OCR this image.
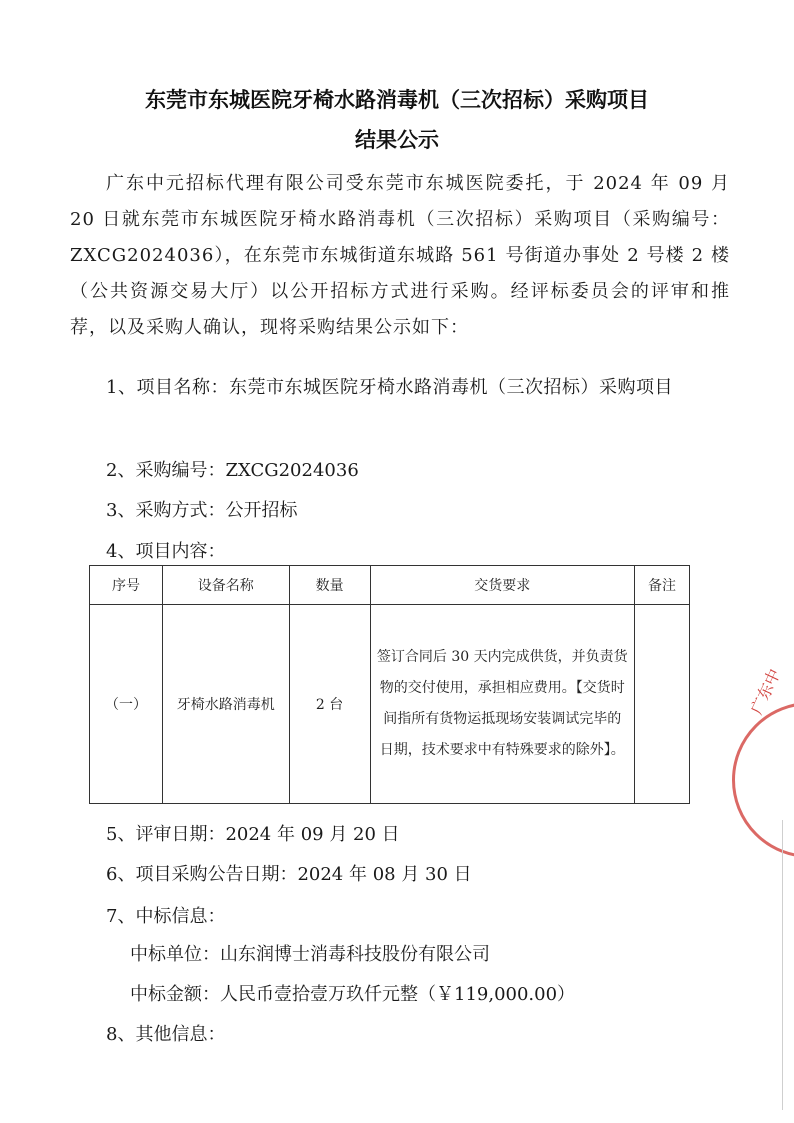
东莞市东城医院牙椅水路消毒机（三次招标）采购项目
结果公示

广东中元招标代理有限公司受东莞市东城医院委托，于 2024 年 09 月 20 日就东莞市东城医院牙椅水路消毒机（三次招标）采购项目（采购编号：ZXCG2024036），在东莞市东城街道东城路 561 号街道办事处 2 号楼 2 楼（公共资源交易大厅）以公开招标方式进行采购。经评标委员会的评审和推荐，以及采购人确认，现将采购结果公示如下：

1、项目名称：东莞市东城医院牙椅水路消毒机（三次招标）采购项目
2、采购编号：ZXCG2024036
3、采购方式：公开招标
4、项目内容：
序号	设备名称	数量	交货要求	备注
（一）	牙椅水路消毒机	2 台	签订合同后 30 天内完成供货，并负责货物的交付使用，承担相应费用。【交货时间指所有货物运抵现场安装调试完毕的日期，技术要求中有特殊要求的除外】。	
5、评审日期：2024 年 09 月 20 日
6、项目采购公告日期：2024 年 08 月 30 日
7、中标信息：
中标单位：山东润博士消毒科技股份有限公司
中标金额：人民币壹拾壹万玖仟元整（￥119,000.00）
8、其他信息：
广东中
